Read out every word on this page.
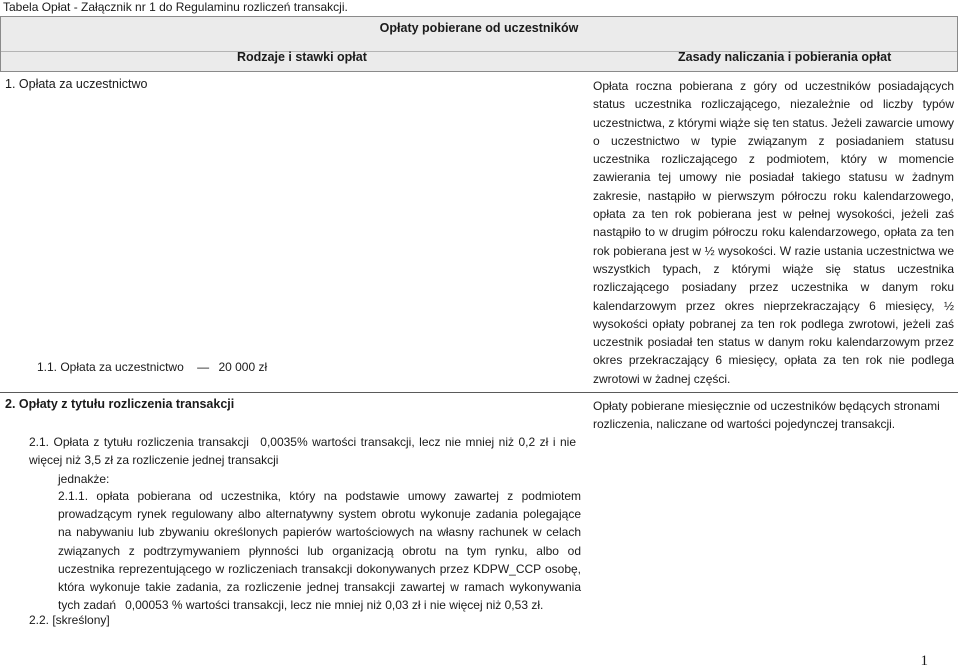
Tabela Opłat - Załącznik nr 1 do Regulaminu rozliczeń transakcji.
Opłaty pobierane od uczestników
Rodzaje i stawki opłat	Zasady naliczania i pobierania opłat
1. Opłata za uczestnictwo
1.1. Opłata za uczestnictwo — 20 000 zł
Opłata roczna pobierana z góry od uczestników posiadających status uczestnika rozliczającego, niezależnie od liczby typów uczestnictwa, z którymi wiąże się ten status. Jeżeli zawarcie umowy o uczestnictwo w typie związanym z posiadaniem statusu uczestnika rozliczającego z podmiotem, który w momencie zawierania tej umowy nie posiadał takiego statusu w żadnym zakresie, nastąpiło w pierwszym półroczu roku kalendarzowego, opłata za ten rok pobierana jest w pełnej wysokości, jeżeli zaś nastąpiło to w drugim półroczu roku kalendarzowego, opłata za ten rok pobierana jest w ½ wysokości. W razie ustania uczestnictwa we wszystkich typach, z którymi wiąże się status uczestnika rozliczającego posiadany przez uczestnika w danym roku kalendarzowym przez okres nieprzekraczający 6 miesięcy, ½ wysokości opłaty pobranej za ten rok podlega zwrotowi, jeżeli zaś uczestnik posiadał ten status w danym roku kalendarzowym przez okres przekraczający 6 miesięcy, opłata za ten rok nie podlega zwrotowi w żadnej części.
2. Opłaty z tytułu rozliczenia transakcji	Opłaty pobierane miesięcznie od uczestników będących stronami rozliczenia, naliczane od wartości pojedynczej transakcji.
2.1. Opłata z tytułu rozliczenia transakcji   0,0035% wartości transakcji, lecz nie mniej niż 0,2 zł i nie więcej niż 3,5 zł za rozliczenie jednej transakcji
jednakże:
2.1.1. opłata pobierana od uczestnika, który na podstawie umowy zawartej z podmiotem prowadzącym rynek regulowany albo alternatywny system obrotu wykonuje zadania polegające na nabywaniu lub zbywaniu określonych papierów wartościowych na własny rachunek w celach związanych z podtrzymywaniem płynności lub organizacją obrotu na tym rynku, albo od uczestnika reprezentującego w rozliczeniach transakcji dokonywanych przez KDPW_CCP osobę, która wykonuje takie zadania, za rozliczenie jednej transakcji zawartej w ramach wykonywania tych zadań   0,00053 % wartości transakcji, lecz nie mniej niż 0,03 zł i nie więcej niż 0,53 zł.
2.2. [skreślony]
1
